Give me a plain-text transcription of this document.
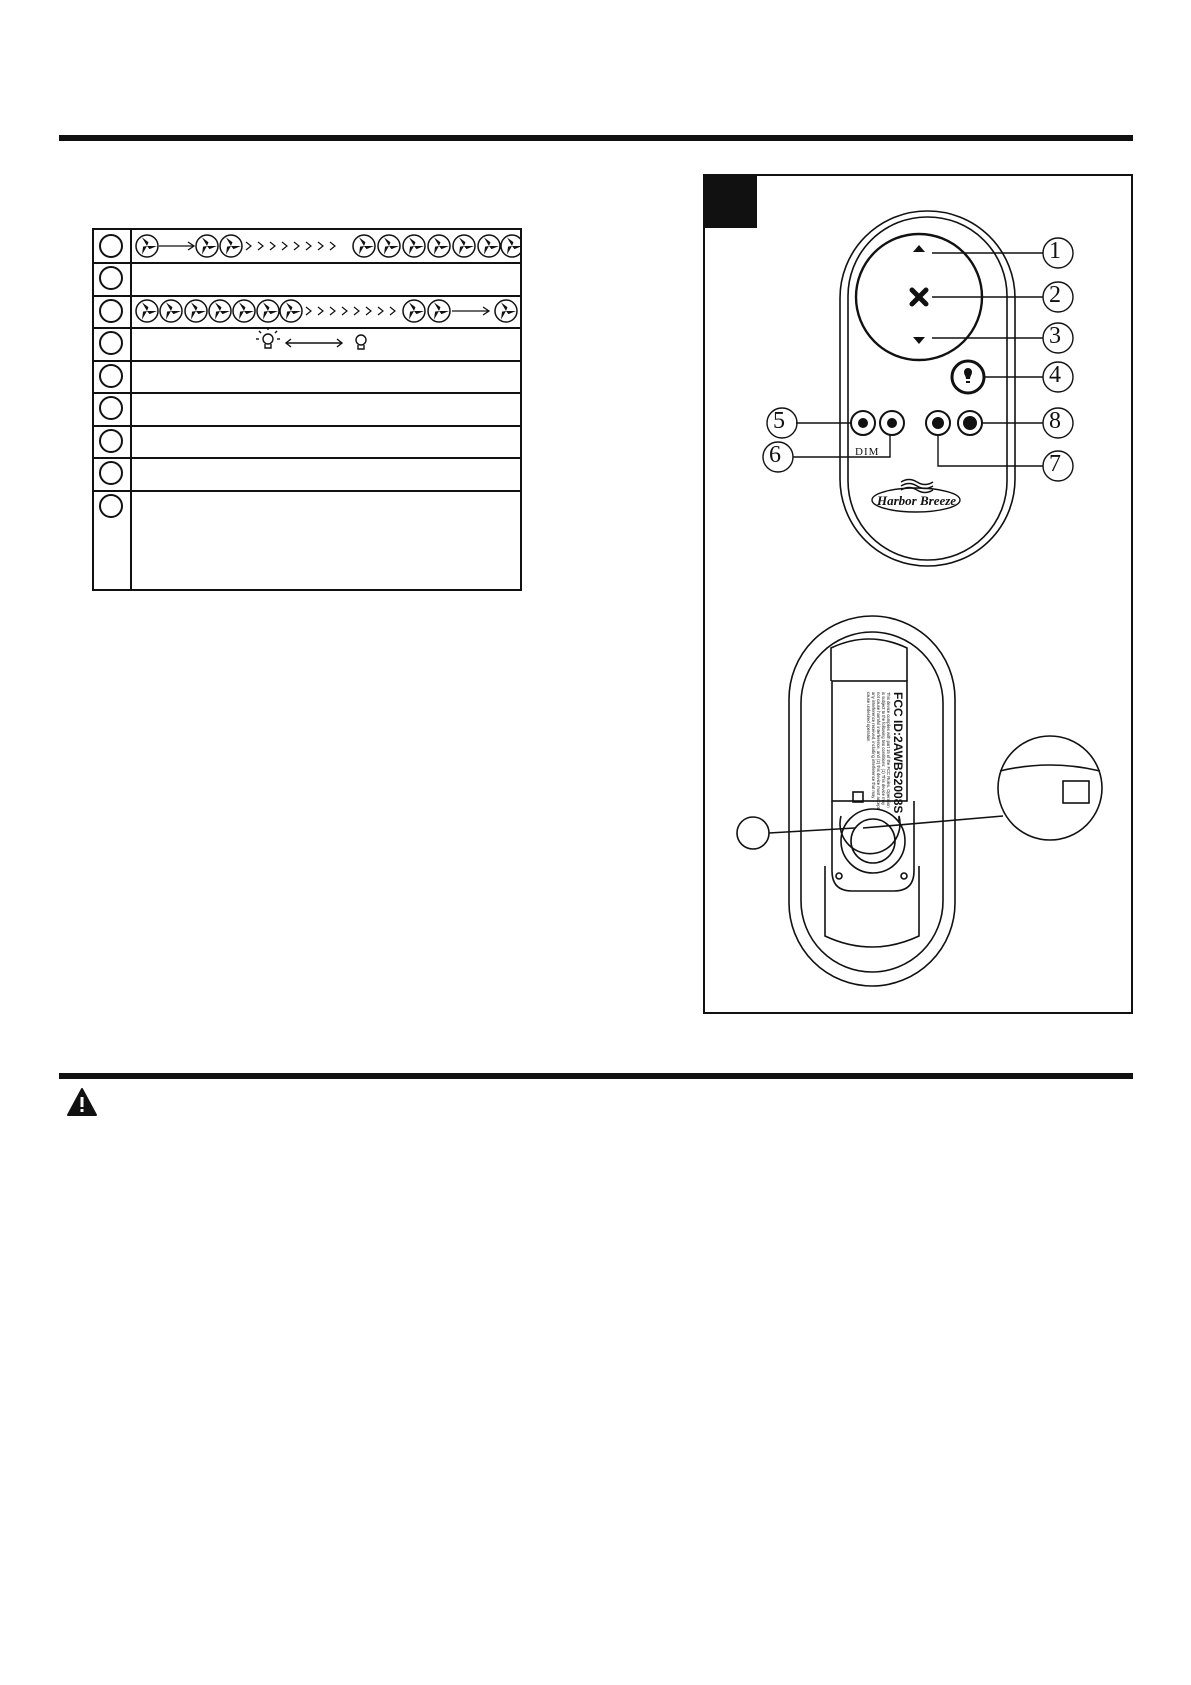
1
2
3
4
5
6	7
8
DIM
Harbor Breeze
FCC ID:2AWBS2008S
This device complies with part 15 of the FCC Rules. Operation is subject to the following two conditions: (1) This device may not cause harmful interference, and (2) this device must accept any interference received, including interference that may cause undesired operation.
